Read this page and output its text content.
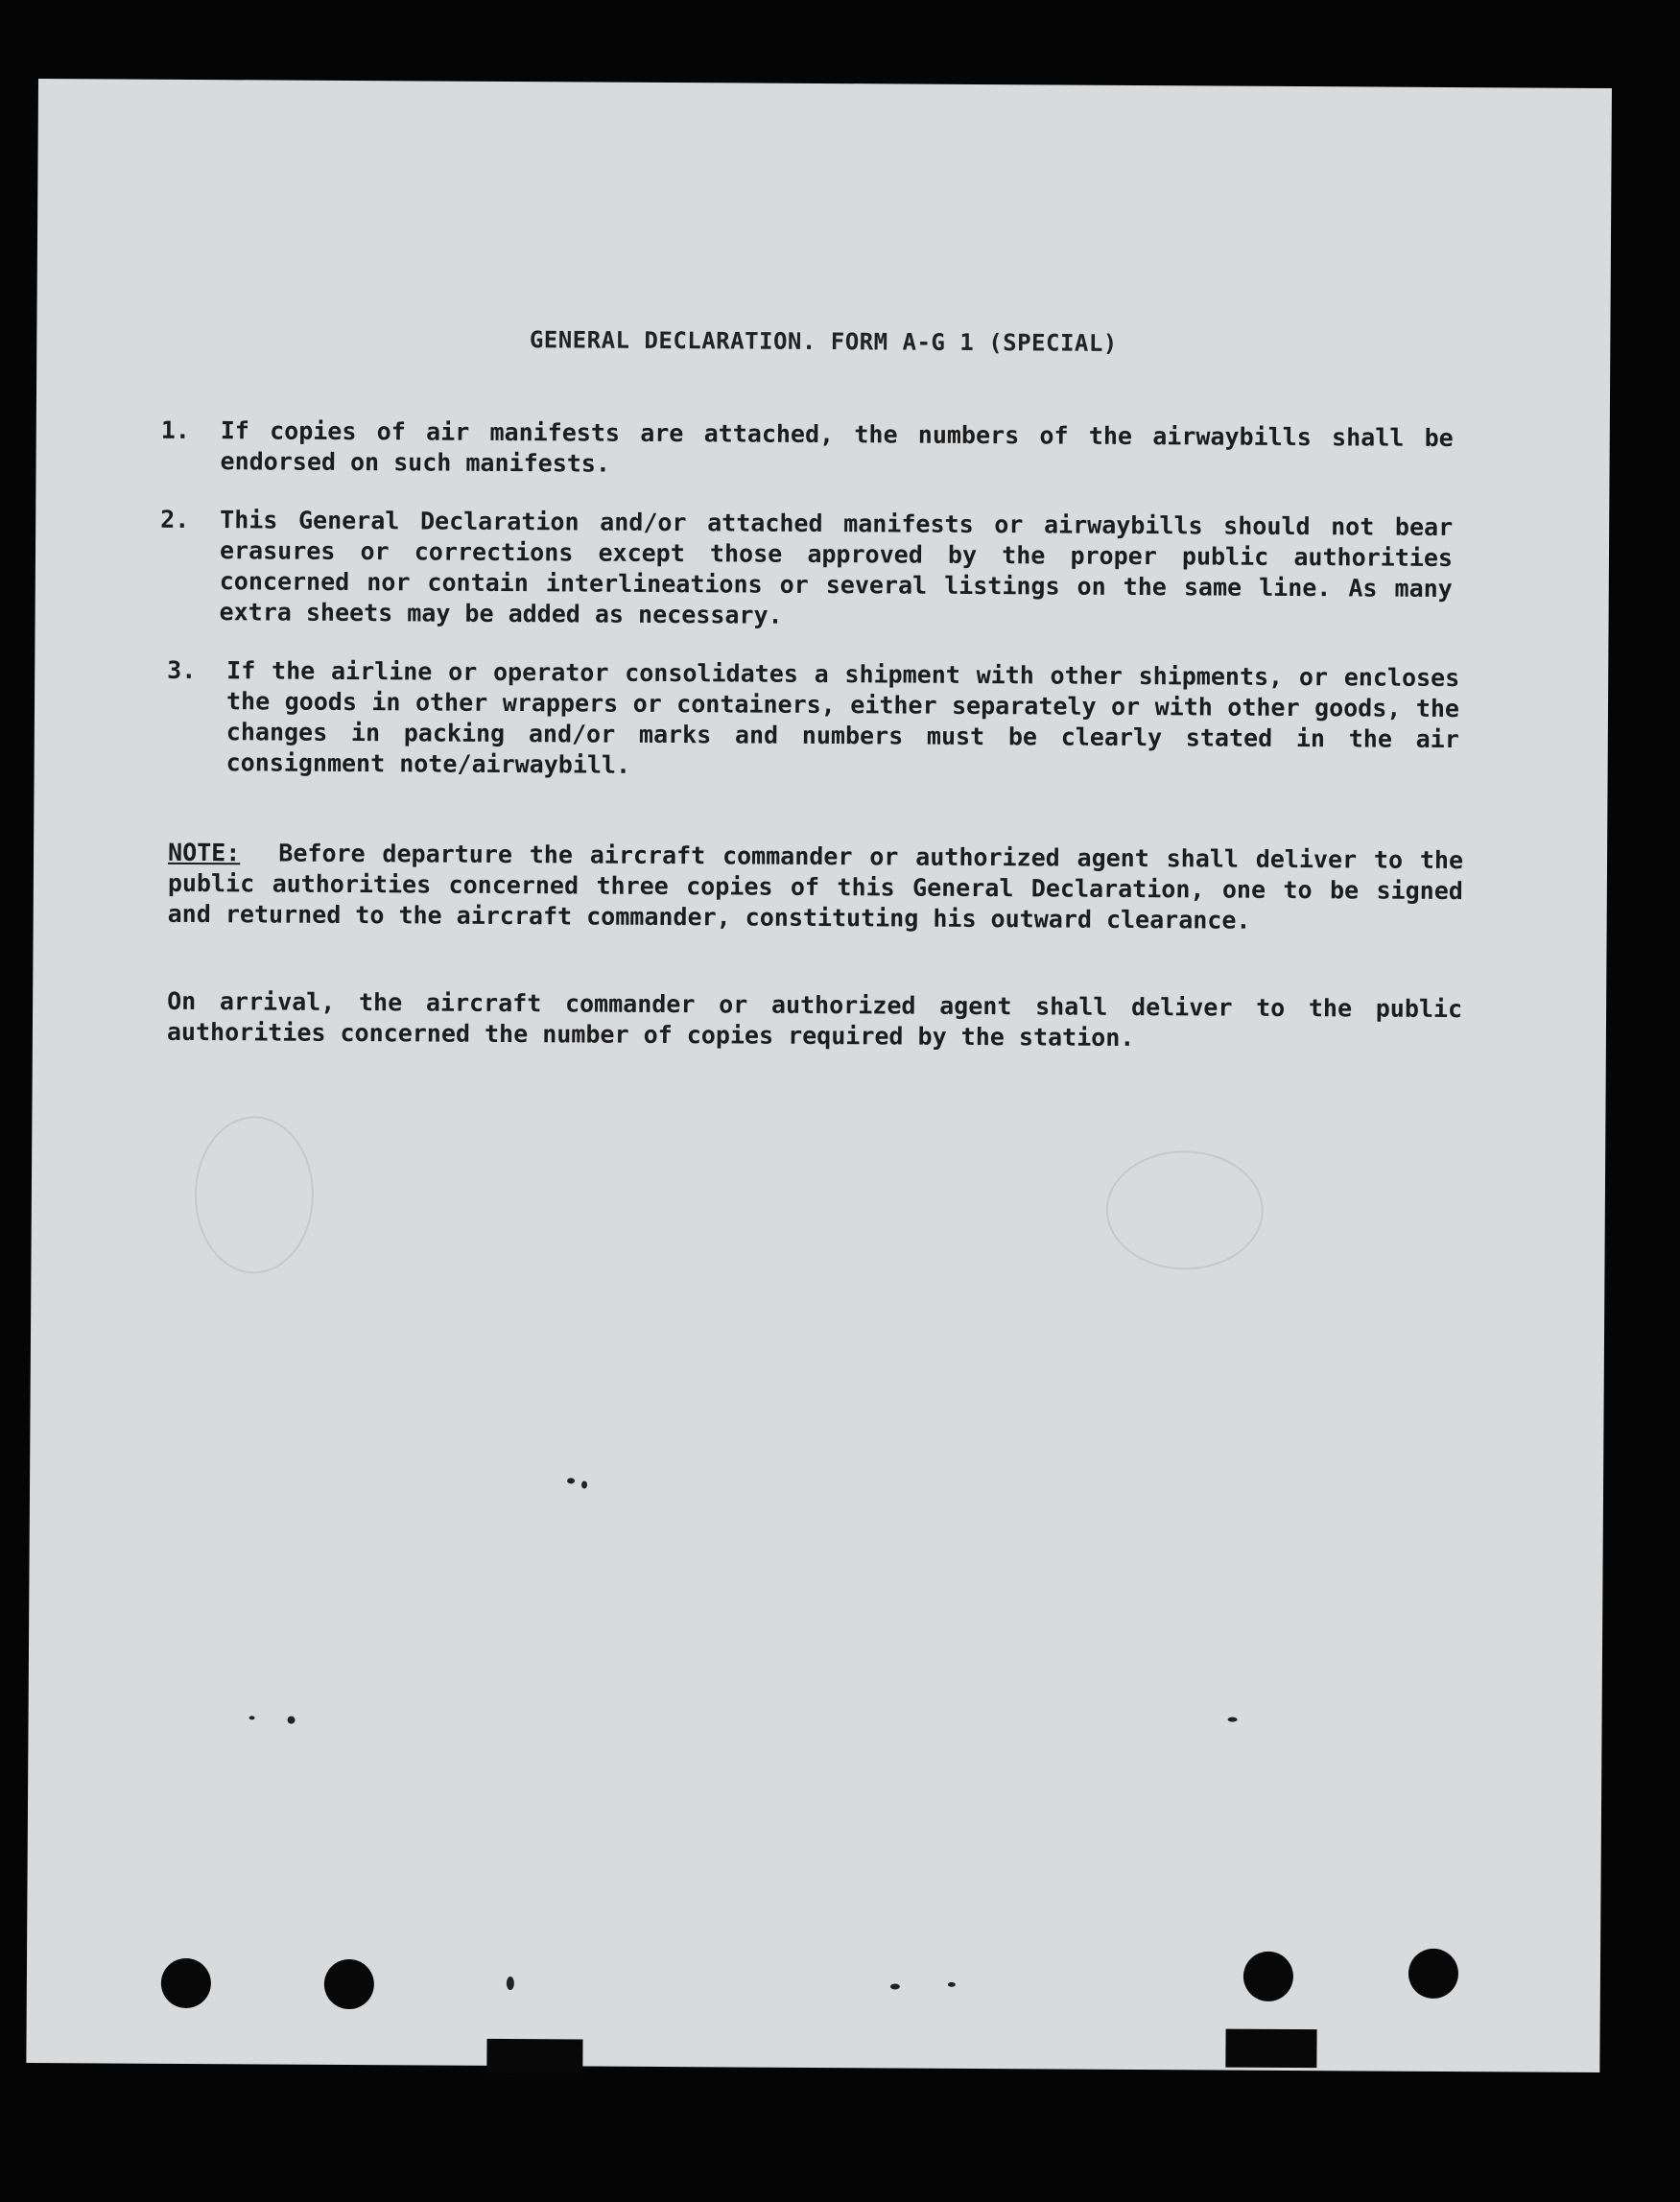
GENERAL DECLARATION. FORM A-G 1 (SPECIAL)
1.	If copies of air manifests are attached, the numbers of the airwaybills shall be endorsed on such manifests.
2.	This General Declaration and/or attached manifests or airwaybills should not bear erasures or corrections except those approved by the proper public authorities concerned nor contain interlineations or several listings on the same line. As many extra sheets may be added as necessary.
3.	If the airline or operator consolidates a shipment with other shipments, or encloses the goods in other wrappers or containers, either separately or with other goods, the changes in packing and/or marks and numbers must be clearly stated in the air consignment note/airwaybill.

NOTE: Before departure the aircraft commander or authorized agent shall deliver to the public authorities concerned three copies of this General Declaration, one to be signed and returned to the aircraft commander, constituting his outward clearance.

On arrival, the aircraft commander or authorized agent shall deliver to the public authorities concerned the number of copies required by the station.
